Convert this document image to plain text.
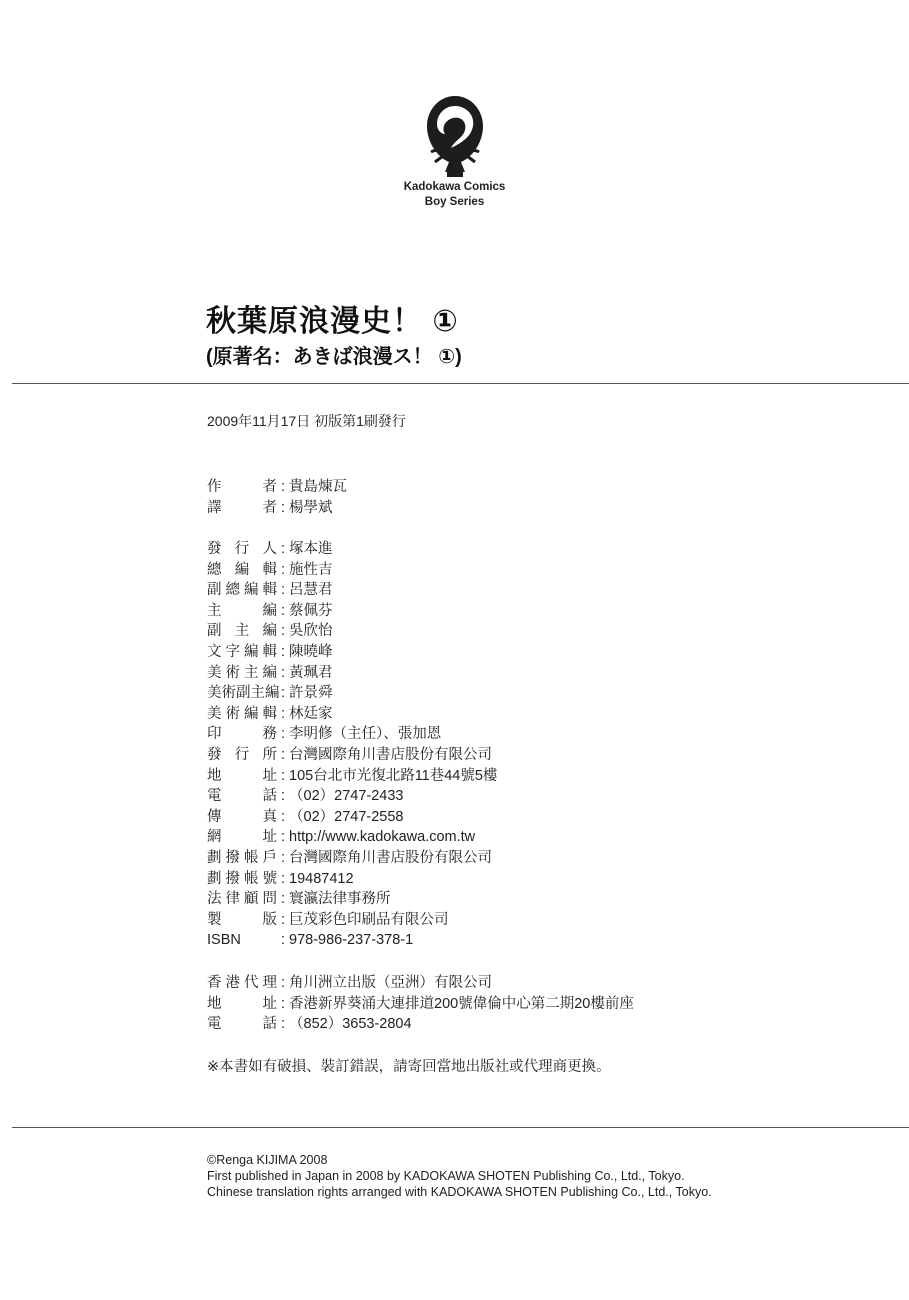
Kadokawa Comics
Boy Series
秋葉原浪漫史！ ①
(原著名：あきば浪漫ス！ ①)
2009年11月17日 初版第1刷發行
作者 : 貴島煉瓦
譯者 : 楊學斌
發行人 : 塚本進
總編輯 : 施性吉
副總編輯 : 呂慧君
主編 : 蔡佩芬
副主編 : 吳欣怡
文字編輯 : 陳曉峰
美術主編 : 黃珮君
美術副主編: 許景舜
美術編輯 : 林廷家
印務 : 李明修（主任）、張加恩
發行所 : 台灣國際角川書店股份有限公司
地址 : 105台北市光復北路11巷44號5樓
電話 : （02）2747-2433
傳真 : （02）2747-2558
網址 : http://www.kadokawa.com.tw
劃撥帳戶 : 台灣國際角川書店股份有限公司
劃撥帳號 : 19487412
法律顧問 : 寰瀛法律事務所
製版 : 巨茂彩色印刷品有限公司
ISBN	: 978-986-237-378-1
香港代理 : 角川洲立出版（亞洲）有限公司
地址 : 香港新界葵涌大連排道200號偉倫中心第二期20樓前座
電話 : （852）3653-2804
※本書如有破損、裝訂錯誤，請寄回當地出版社或代理商更換。
©Renga KIJIMA 2008
First published in Japan in 2008 by KADOKAWA SHOTEN Publishing Co., Ltd., Tokyo.
Chinese translation rights arranged with KADOKAWA SHOTEN Publishing Co., Ltd., Tokyo.
